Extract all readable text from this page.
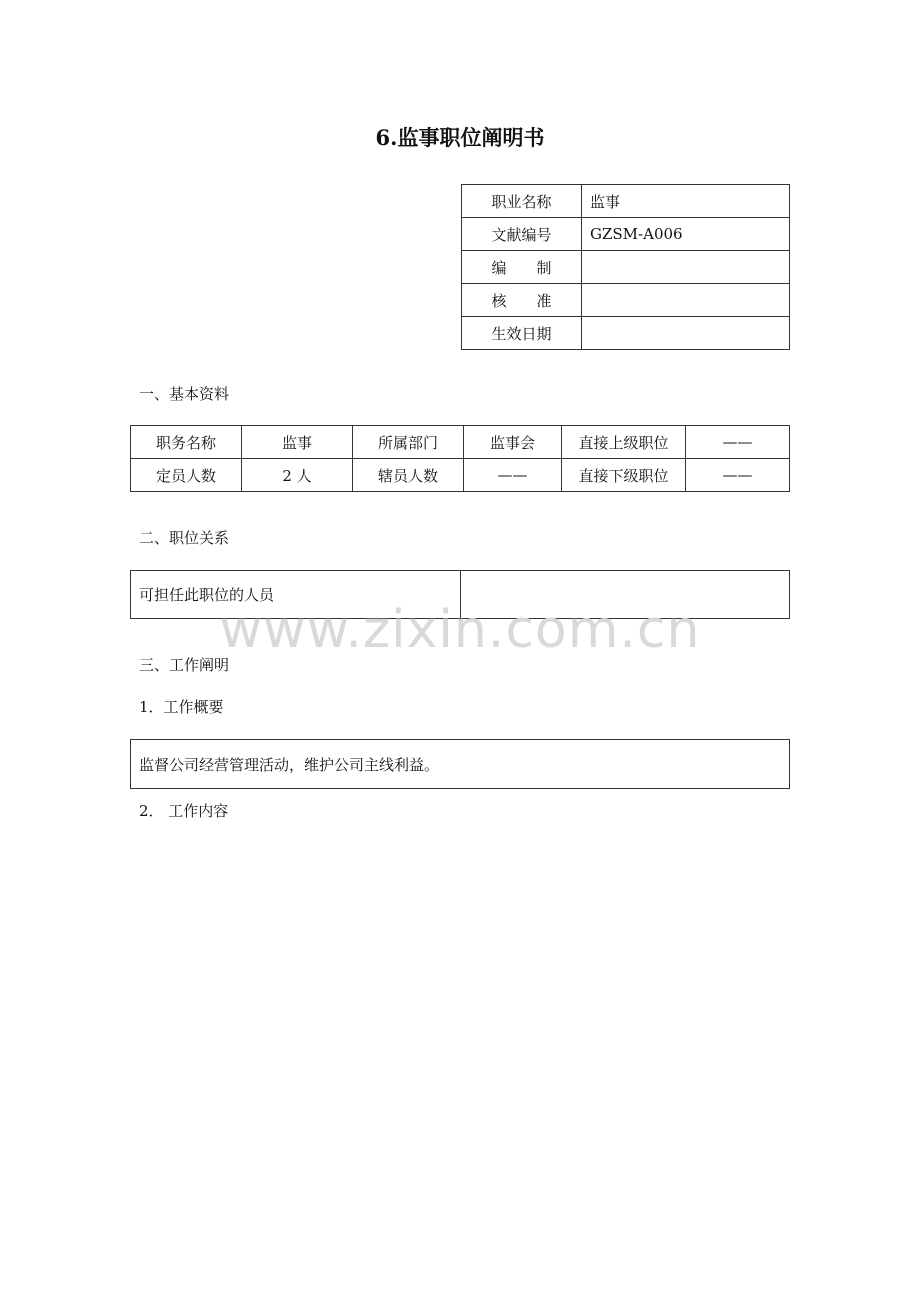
6.监事职位阐明书
职业名称	监事
文献编号	GZSM-A006
编　　制	
核　　准	
生效日期	
一、基本资料
职务名称	监事	所属部门	监事会	直接上级职位	——
定员人数	2 人	辖员人数	——	直接下级职位	——
二、职位关系
可担任此职位的人员	
www.zixin.com.cn
三、工作阐明
1．工作概要
监督公司经营管理活动，维护公司主线利益。
2． 工作内容
